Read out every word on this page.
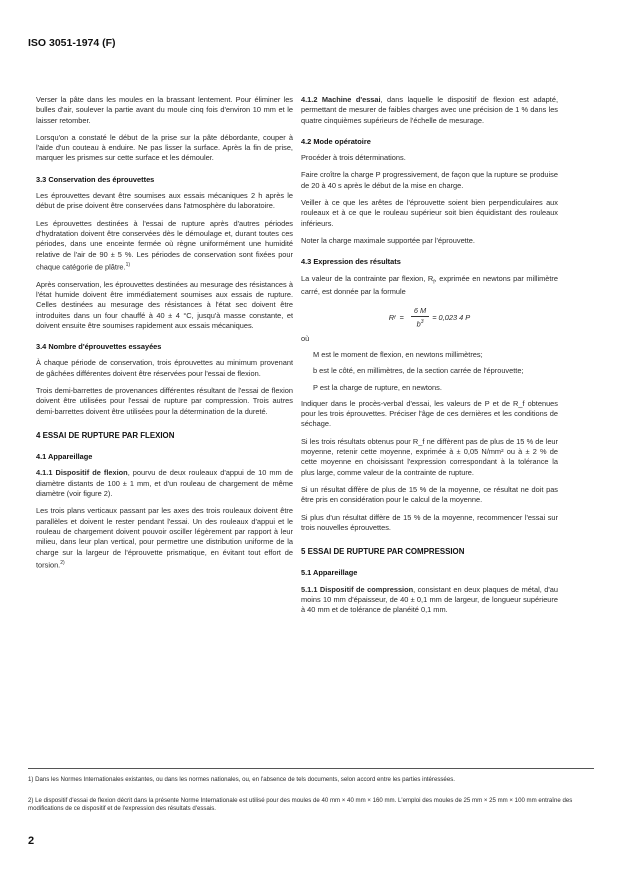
ISO 3051-1974 (F)

Verser la pâte dans les moules en la brassant lentement. Pour éliminer les bulles d'air, soulever la partie avant du moule cinq fois d'environ 10 mm et le laisser retomber.

Lorsqu'on a constaté le début de la prise sur la pâte débordante, couper à l'aide d'un couteau à enduire. Ne pas lisser la surface. Après la fin de prise, marquer les prismes sur cette surface et les démouler.

3.3 Conservation des éprouvettes

Les éprouvettes devant être soumises aux essais mécaniques 2 h après le début de prise doivent être conservées dans l'atmosphère du laboratoire.

Les éprouvettes destinées à l'essai de rupture après d'autres périodes d'hydratation doivent être conservées dès le démoulage et, durant toutes ces périodes, dans une enceinte fermée où règne uniformément une humidité relative de l'air de 90 ± 5 %. Les périodes de conservation sont fixées pour chaque catégorie de plâtre.$^{1)}$

Après conservation, les éprouvettes destinées au mesurage des résistances à l'état humide doivent être immédiatement soumises aux essais de rupture. Celles destinées au mesurage des résistances à l'état sec doivent être introduites dans un four chauffé à 40 ± 4 °C, jusqu'à masse constante, et doivent ensuite être soumises rapidement aux essais mécaniques.

3.4 Nombre d'éprouvettes essayées

À chaque période de conservation, trois éprouvettes au minimum provenant de gâchées différentes doivent être réservées pour l'essai de flexion.

Trois demi-barrettes de provenances différentes résultant de l'essai de flexion doivent être utilisées pour l'essai de rupture par compression. Trois autres demi-barrettes doivent être utilisées pour la détermination de la dureté.

4 ESSAI DE RUPTURE PAR FLEXION
4.1 Appareillage

4.1.1 Dispositif de flexion, pourvu de deux rouleaux d'appui de 10 mm de diamètre distants de 100 ± 1 mm, et d'un rouleau de chargement de même diamètre (voir figure 2).

Les trois plans verticaux passant par les axes des trois rouleaux doivent être parallèles et doivent le rester pendant l'essai. Un des rouleaux d'appui et le rouleau de chargement doivent pouvoir osciller légèrement par rapport à leur milieu, dans leur plan vertical, pour permettre une distribution uniforme de la charge sur la largeur de l'éprouvette prismatique, en évitant tout effort de torsion.$^{2)}$

4.1.2 Machine d'essai, dans laquelle le dispositif de flexion est adapté, permettant de mesurer de faibles charges avec une précision de 1 % dans les quatre cinquièmes supérieurs de l'échelle de mesurage.

4.2 Mode opératoire

Procéder à trois déterminations.

Faire croître la charge P progressivement, de façon que la rupture se produise de 20 à 40 s après le début de la mise en charge.

Veiller à ce que les arêtes de l'éprouvette soient bien perpendiculaires aux rouleaux et à ce que le rouleau supérieur soit bien équidistant des rouleaux inférieurs.

Noter la charge maximale supportée par l'éprouvette.

4.3 Expression des résultats

La valeur de la contrainte par flexion, $R_f$, exprimée en newtons par millimètre carré, est donnée par la formule

R $f = \frac{6 M}{b^3} = 0,023$ 4 P
où

M est le moment de flexion, en newtons millimètres;

b est le côté, en millimètres, de la section carrée de l'éprouvette;

P est la charge de rupture, en newtons.

Indiquer dans le procès-verbal d'essai, les valeurs de P et de R_f obtenues pour les trois éprouvettes. Préciser l'âge de ces dernières et les conditions de séchage.

Si les trois résultats obtenus pour R_f ne diffèrent pas de plus de 15 % de leur moyenne, retenir cette moyenne, exprimée à ± 0,05 N/mm² ou à ± 2 % de cette moyenne en choisissant l'expression correspondant à la tolérance la plus large, comme valeur de la contrainte de rupture.

Si un résultat diffère de plus de 15 % de la moyenne, ce résultat ne doit pas être pris en considération pour le calcul de la moyenne.

Si plus d'un résultat diffère de 15 % de la moyenne, recommencer l'essai sur trois nouvelles éprouvettes.

5 ESSAI DE RUPTURE PAR COMPRESSION
5.1 Appareillage

5.1.1 Dispositif de compression, consistant en deux plaques de métal, d'au moins 10 mm d'épaisseur, de 40 ± 0,1 mm de largeur, de longueur supérieure à 40 mm et de tolérance de planéité 0,1 mm.

1) Dans les Normes Internationales existantes, ou dans les normes nationales, ou, en l'absence de tels documents, selon accord entre les parties intéressées.
2) Le dispositif d'essai de flexion décrit dans la présente Norme Internationale est utilisé pour des moules de 40 mm × 40 mm × 160 mm. L'emploi des moules de 25 mm × 25 mm × 100 mm entraîne des modifications de ce dispositif et de l'expression des résultats d'essais.
2
